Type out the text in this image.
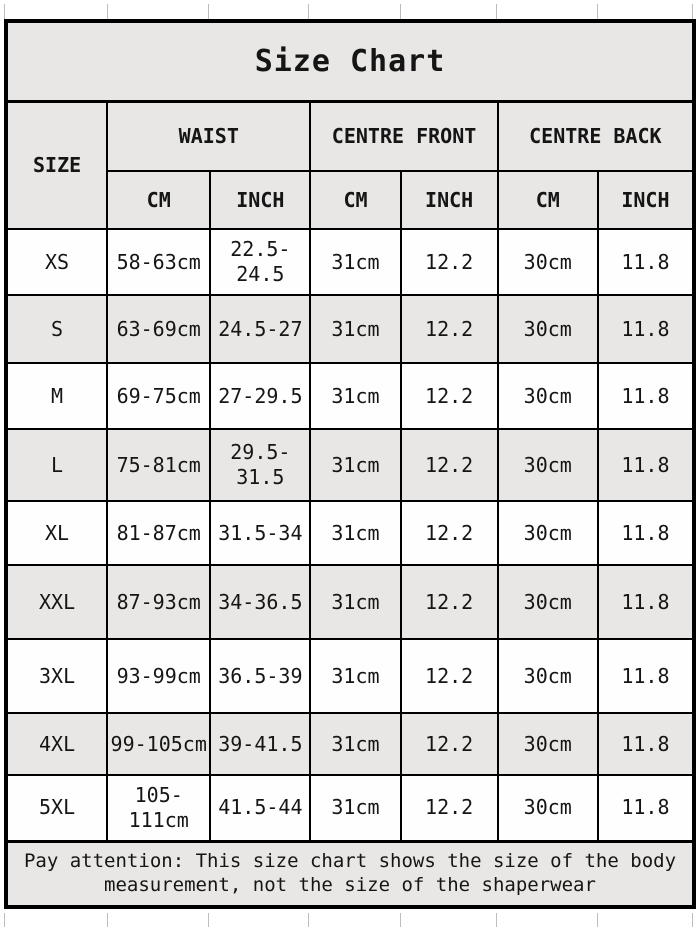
Size Chart						
SIZE	WAIST		CENTRE FRONT		CENTRE BACK	
	CM	INCH	CM	INCH	CM	INCH
XS	58-63cm	22.5-24.5	31cm	12.2	30cm	11.8
S	63-69cm	24.5-27	31cm	12.2	30cm	11.8
M	69-75cm	27-29.5	31cm	12.2	30cm	11.8
L	75-81cm	29.5-31.5	31cm	12.2	30cm	11.8
XL	81-87cm	31.5-34	31cm	12.2	30cm	11.8
XXL	87-93cm	34-36.5	31cm	12.2	30cm	11.8
3XL	93-99cm	36.5-39	31cm	12.2	30cm	11.8
4XL	99-105cm	39-41.5	31cm	12.2	30cm	11.8
5XL	105-111cm	41.5-44	31cm	12.2	30cm	11.8

Pay attention: This size chart shows the size of the body
measurement, not the size of the shaperwear						
